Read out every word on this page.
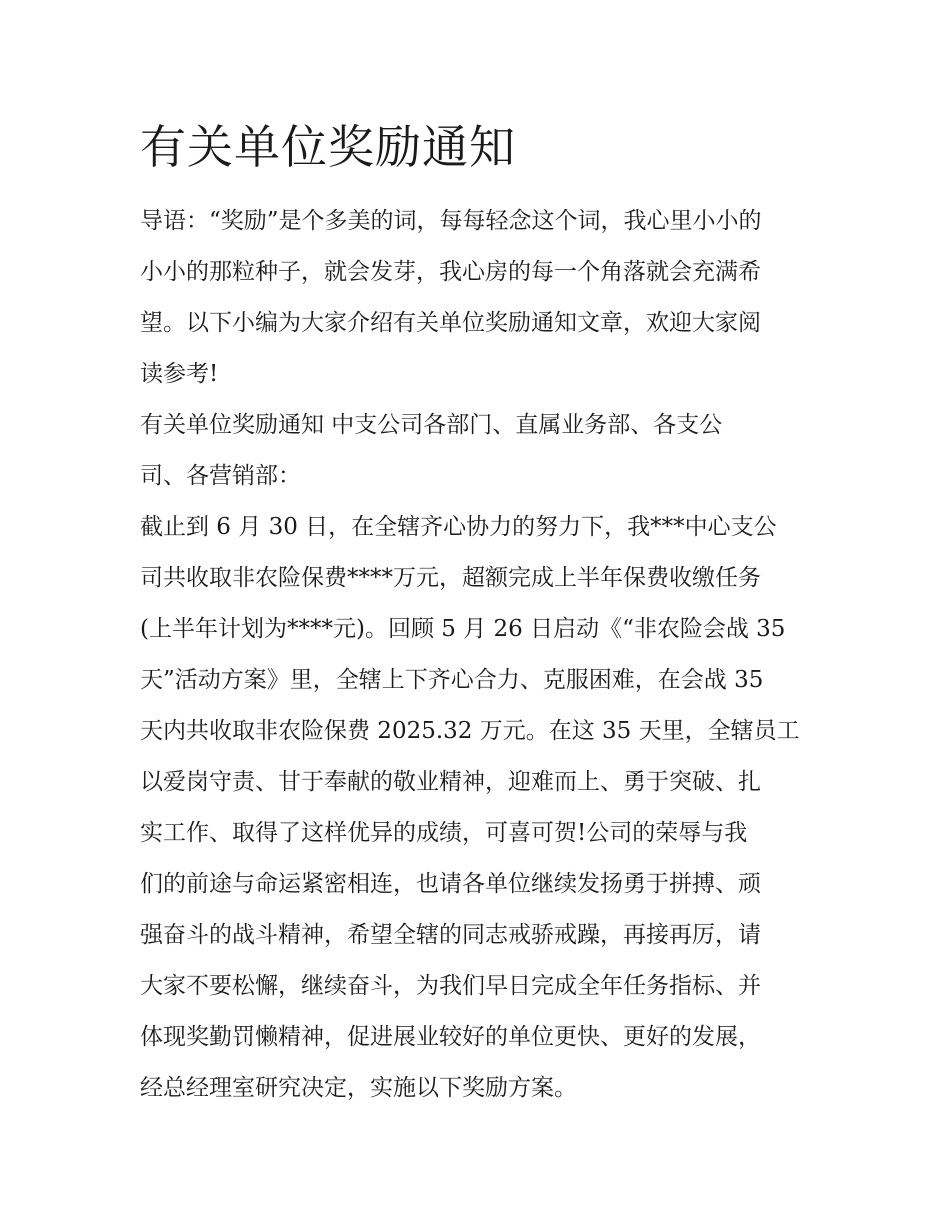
有关单位奖励通知

导语：“奖励”是个多美的词，每每轻念这个词，我心里小小的

小小的那粒种子，就会发芽，我心房的每一个角落就会充满希

望。以下小编为大家介绍有关单位奖励通知文章，欢迎大家阅

读参考!

有关单位奖励通知 中支公司各部门、直属业务部、各支公

司、各营销部：

截止到 6 月 30 日，在全辖齐心协力的努力下，我***中心支公

司共收取非农险保费****万元，超额完成上半年保费收缴任务

(上半年计划为****元)。回顾 5 月 26 日启动《“非农险会战 35

天”活动方案》里，全辖上下齐心合力、克服困难，在会战 35

天内共收取非农险保费 2025.32 万元。在这 35 天里，全辖员工

以爱岗守责、甘于奉献的敬业精神，迎难而上、勇于突破、扎

实工作、取得了这样优异的成绩，可喜可贺!公司的荣辱与我

们的前途与命运紧密相连，也请各单位继续发扬勇于拼搏、顽

强奋斗的战斗精神，希望全辖的同志戒骄戒躁，再接再厉，请

大家不要松懈，继续奋斗，为我们早日完成全年任务指标、并

体现奖勤罚懒精神，促进展业较好的单位更快、更好的发展，

经总经理室研究决定，实施以下奖励方案。
